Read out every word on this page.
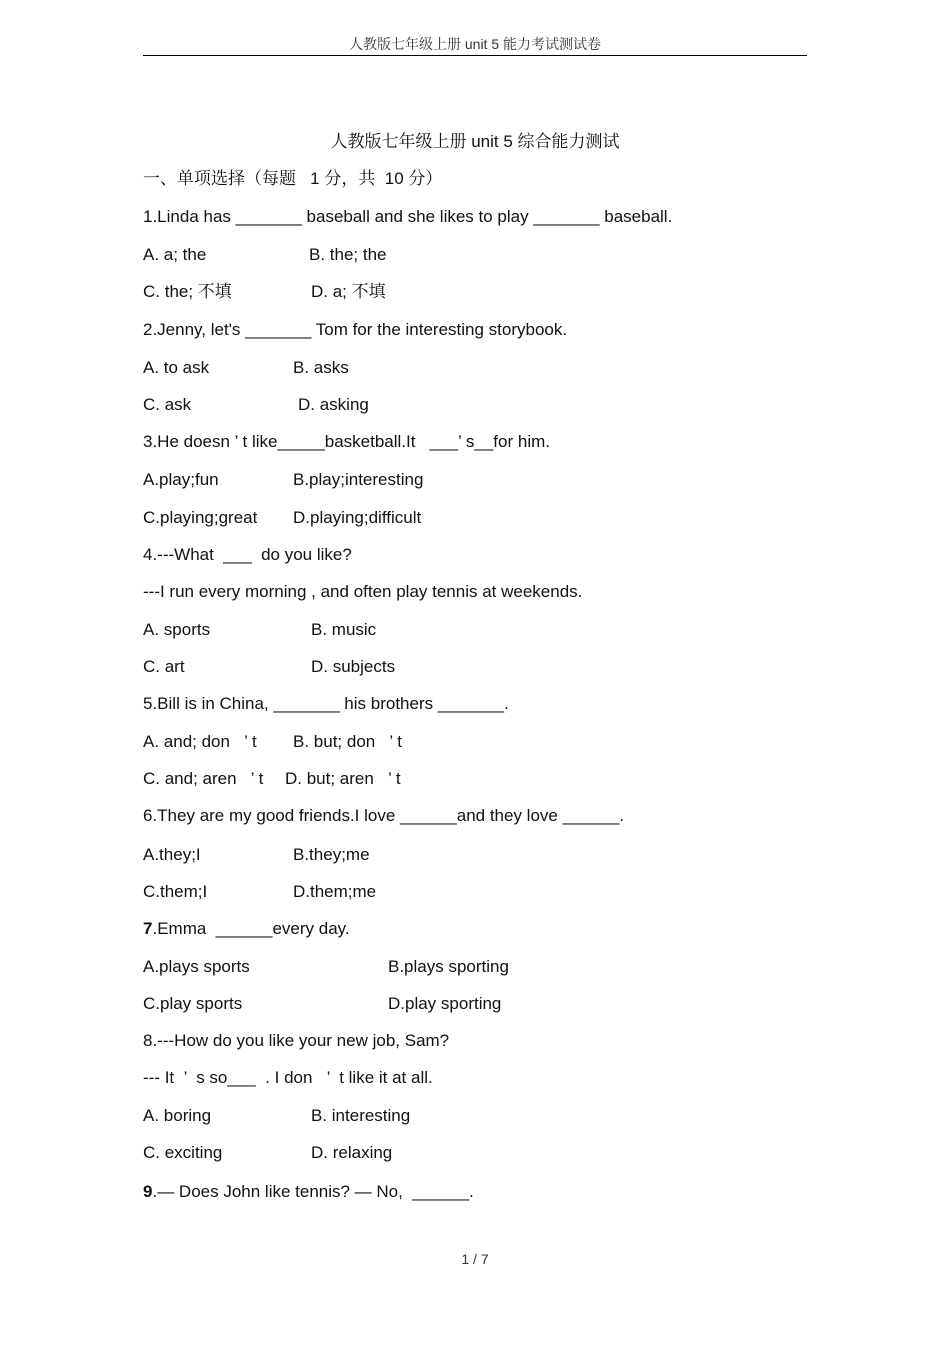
人教版七年级上册 unit 5 能力考试测试卷
人教版七年级上册 unit 5 综合能力测试
一、单项选择（每题   1 分，共  10 分）
1.Linda has _______ baseball and she likes to play _______ baseball.
A. a; the	B. the; the
C. the; 不填	D. a; 不填
2.Jenny, let's _______ Tom for the interesting storybook.
A. to ask	B. asks
C. ask	D. asking
3.He doesn ’ t like_____basketball.It   ___’ s__for him.
A.play;fun	B.play;interesting
C.playing;great D.playing;difficult
4.---What  ___  do you like?
---I run every morning , and often play tennis at weekends.
A. sports	B. music
C. art	D. subjects
5.Bill is in China, _______ his brothers _______.
A. and; don   ’ t B. but; don   ’ t
C. and; aren   ’ t D. but; aren   ’ t
6.They are my good friends.I love ______and they love ______.
A.they;I	B.they;me
C.them;I	D.them;me
7.Emma  ______every day.
A.plays sports	B.plays sporting
C.play sports	D.play sporting
8.---How do you like your new job, Sam?
--- It  ’  s so___  . I don   ’  t like it at all.
A. boring	B. interesting
C. exciting	D. relaxing
9.— Does John like tennis? — No,  ______.
1 / 7
